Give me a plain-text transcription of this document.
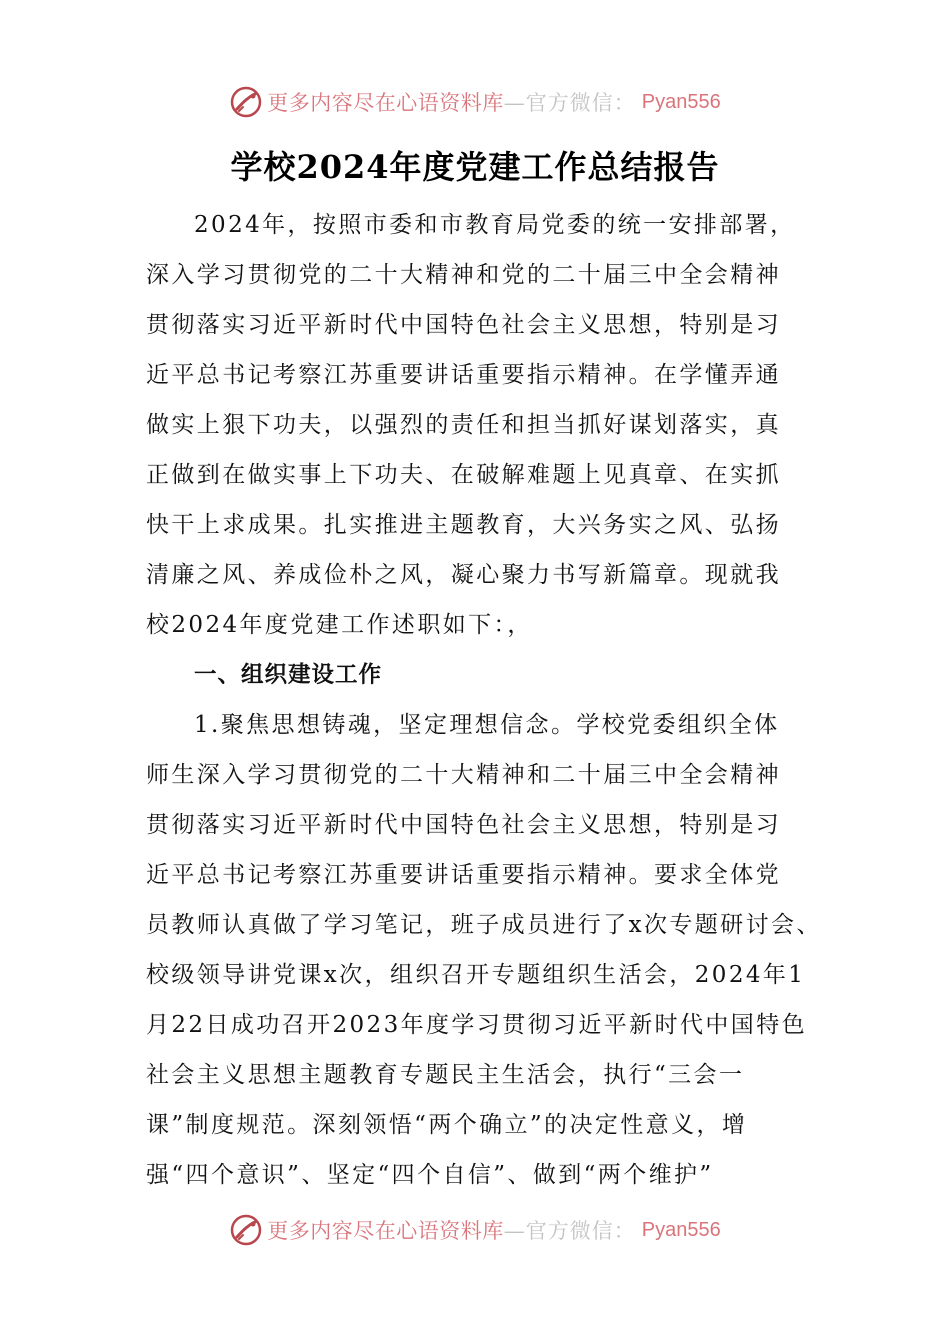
更多内容尽在心语资料库 —官方微信： Pyan556
学校2024年度党建工作总结报告
2024年，按照市委和市教育局党委的统一安排部署，
深入学习贯彻党的二十大精神和党的二十届三中全会精神
贯彻落实习近平新时代中国特色社会主义思想，特别是习
近平总书记考察江苏重要讲话重要指示精神。在学懂弄通
做实上狠下功夫，以强烈的责任和担当抓好谋划落实，真
正做到在做实事上下功夫、在破解难题上见真章、在实抓
快干上求成果。扎实推进主题教育，大兴务实之风、弘扬
清廉之风、养成俭朴之风，凝心聚力书写新篇章。现就我
校2024年度党建工作述职如下：，
一、组织建设工作
1.聚焦思想铸魂，坚定理想信念。学校党委组织全体
师生深入学习贯彻党的二十大精神和二十届三中全会精神
贯彻落实习近平新时代中国特色社会主义思想，特别是习
近平总书记考察江苏重要讲话重要指示精神。要求全体党
员教师认真做了学习笔记，班子成员进行了x次专题研讨会、
校级领导讲党课x次，组织召开专题组织生活会，2024年1
月22日成功召开2023年度学习贯彻习近平新时代中国特色
社会主义思想主题教育专题民主生活会，执行“三会一
课”制度规范。深刻领悟“两个确立”的决定性意义，增
强“四个意识”、坚定“四个自信”、做到“两个维护”
更多内容尽在心语资料库 —官方微信： Pyan556
